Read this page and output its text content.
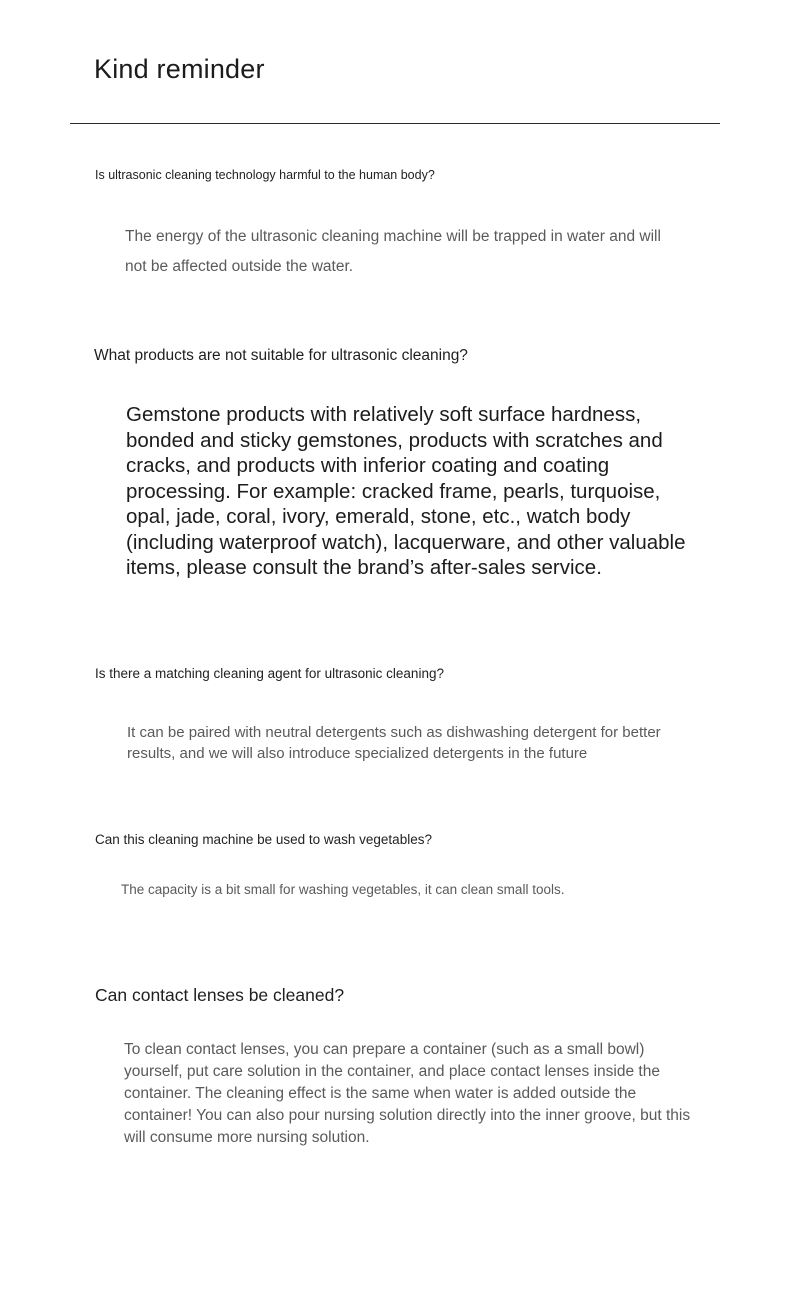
Kind reminder
Is ultrasonic cleaning technology harmful to the human body?
The energy of the ultrasonic cleaning machine will be trapped in water and will not be affected outside the water.
What products are not suitable for ultrasonic cleaning?
Gemstone products with relatively soft surface hardness, bonded and sticky gemstones, products with scratches and cracks, and products with inferior coating and coating processing. For example: cracked frame, pearls, turquoise, opal, jade, coral, ivory, emerald, stone, etc., watch body (including waterproof watch), lacquerware, and other valuable items, please consult the brand’s after-sales service.
Is there a matching cleaning agent for ultrasonic cleaning?
It can be paired with neutral detergents such as dishwashing detergent for better results, and we will also introduce specialized detergents in the future
Can this cleaning machine be used to wash vegetables?
The capacity is a bit small for washing vegetables, it can clean small tools.
Can contact lenses be cleaned?
To clean contact lenses, you can prepare a container (such as a small bowl) yourself, put care solution in the container, and place contact lenses inside the container. The cleaning effect is the same when water is added outside the container! You can also pour nursing solution directly into the inner groove, but this will consume more nursing solution.
